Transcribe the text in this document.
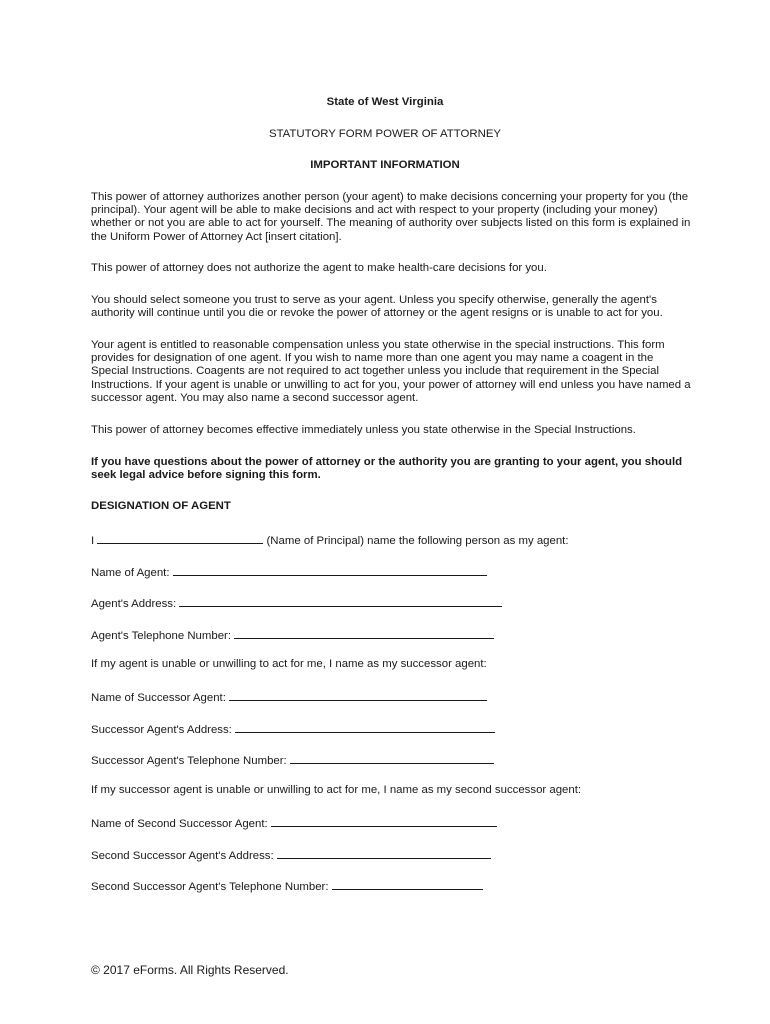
State of West Virginia
STATUTORY FORM POWER OF ATTORNEY
IMPORTANT INFORMATION

This power of attorney authorizes another person (your agent) to make decisions concerning your property for you (the principal). Your agent will be able to make decisions and act with respect to your property (including your money) whether or not you are able to act for yourself. The meaning of authority over subjects listed on this form is explained in the Uniform Power of Attorney Act [insert citation].

This power of attorney does not authorize the agent to make health-care decisions for you.

You should select someone you trust to serve as your agent. Unless you specify otherwise, generally the agent's authority will continue until you die or revoke the power of attorney or the agent resigns or is unable to act for you.

Your agent is entitled to reasonable compensation unless you state otherwise in the special instructions. This form provides for designation of one agent. If you wish to name more than one agent you may name a coagent in the Special Instructions. Coagents are not required to act together unless you include that requirement in the Special Instructions. If your agent is unable or unwilling to act for you, your power of attorney will end unless you have named a successor agent. You may also name a second successor agent.

This power of attorney becomes effective immediately unless you state otherwise in the Special Instructions.

If you have questions about the power of attorney or the authority you are granting to your agent, you should seek legal advice before signing this form.

DESIGNATION OF AGENT
I	(Name of Principal) name the following person as my agent:
Name of Agent:
Agent's Address:
Agent's Telephone Number:
If my agent is unable or unwilling to act for me, I name as my successor agent:
Name of Successor Agent:
Successor Agent's Address:
Successor Agent's Telephone Number:
If my successor agent is unable or unwilling to act for me, I name as my second successor agent:
Name of Second Successor Agent:
Second Successor Agent's Address:
Second Successor Agent's Telephone Number:
© 2017 eForms. All Rights Reserved.
